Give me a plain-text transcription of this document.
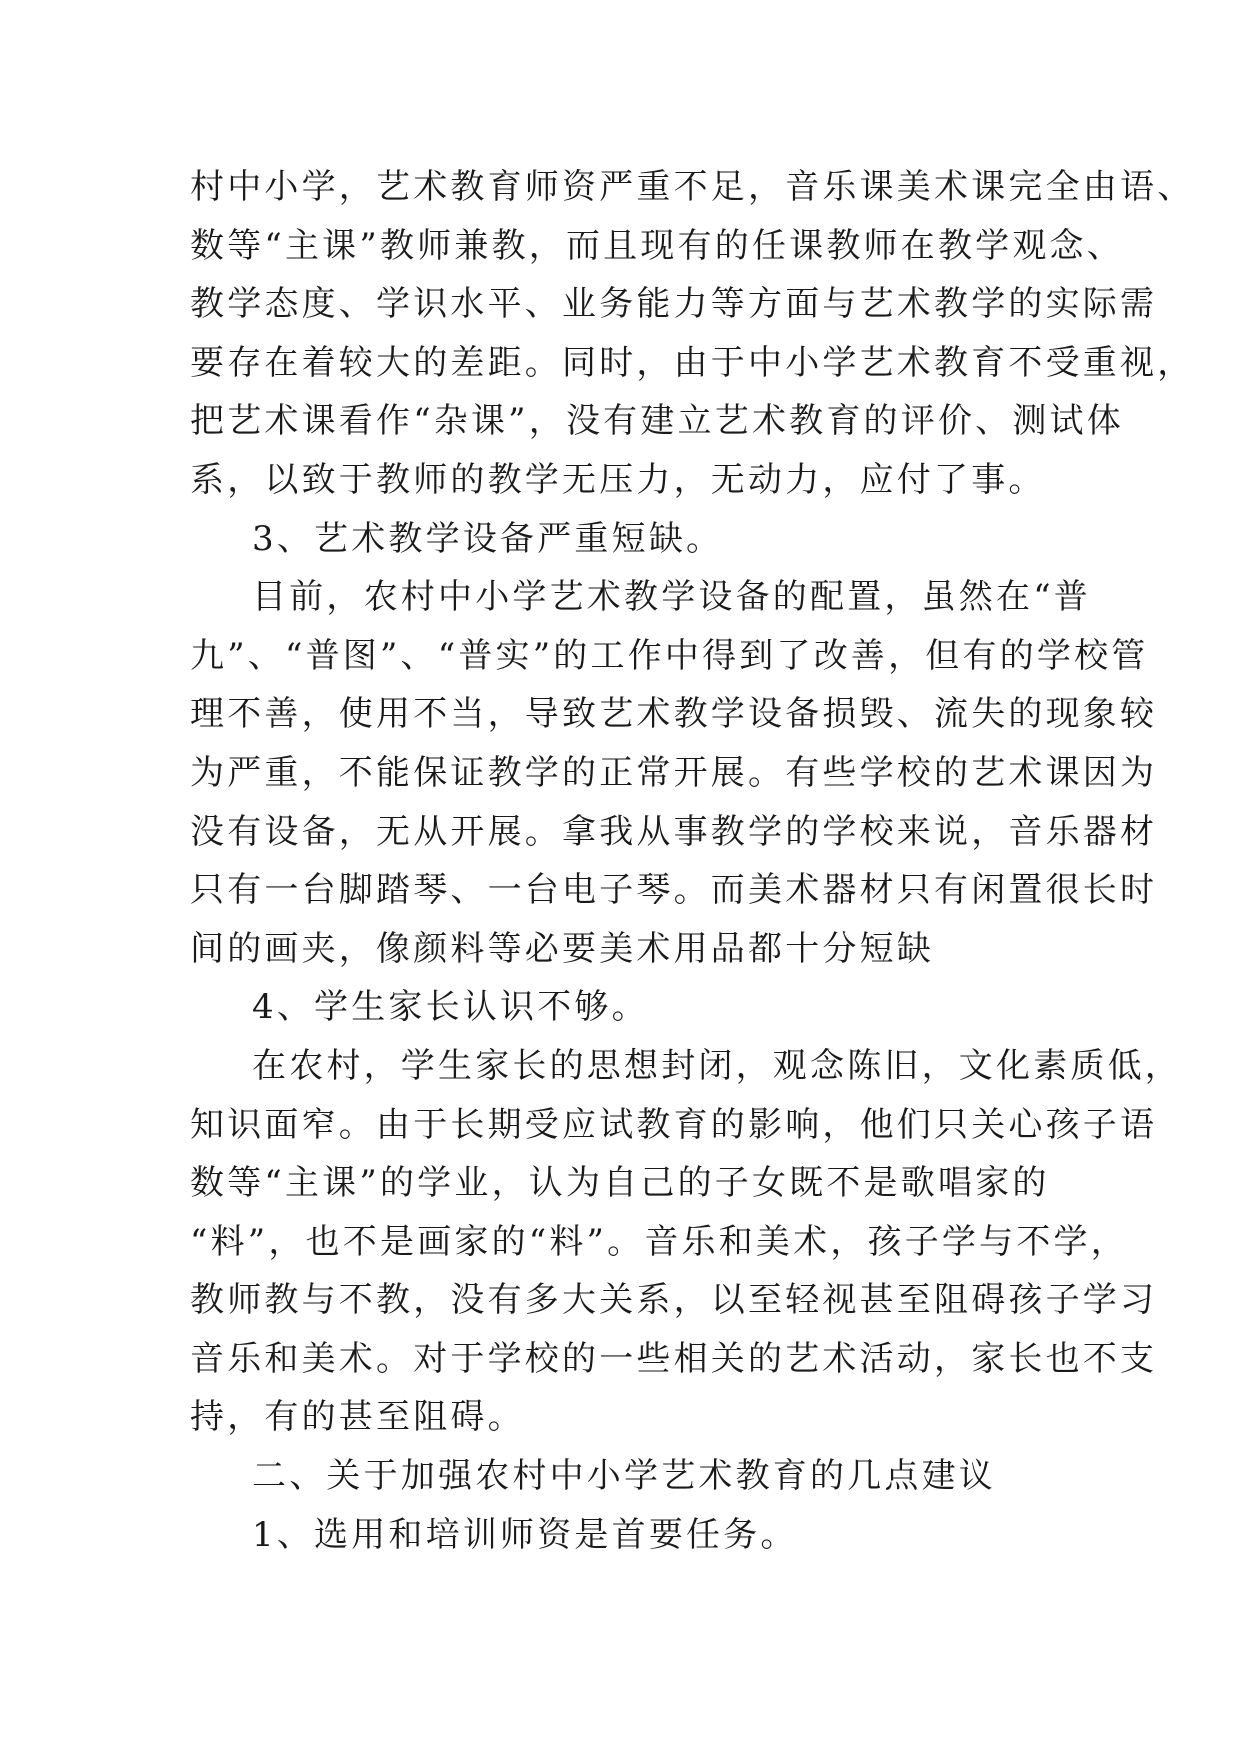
村中小学，艺术教育师资严重不足，音乐课美术课完全由语、
数等“主课”教师兼教，而且现有的任课教师在教学观念、
教学态度、学识水平、业务能力等方面与艺术教学的实际需
要存在着较大的差距。同时，由于中小学艺术教育不受重视，
把艺术课看作“杂课”，没有建立艺术教育的评价、测试体
系，以致于教师的教学无压力，无动力，应付了事。
3、艺术教学设备严重短缺。
目前，农村中小学艺术教学设备的配置，虽然在“普
九”、“普图”、“普实”的工作中得到了改善，但有的学校管
理不善，使用不当，导致艺术教学设备损毁、流失的现象较
为严重，不能保证教学的正常开展。有些学校的艺术课因为
没有设备，无从开展。拿我从事教学的学校来说，音乐器材
只有一台脚踏琴、一台电子琴。而美术器材只有闲置很长时
间的画夹，像颜料等必要美术用品都十分短缺
4、学生家长认识不够。
在农村，学生家长的思想封闭，观念陈旧，文化素质低，
知识面窄。由于长期受应试教育的影响，他们只关心孩子语
数等“主课”的学业，认为自己的子女既不是歌唱家的
“料”，也不是画家的“料”。音乐和美术，孩子学与不学，
教师教与不教，没有多大关系，以至轻视甚至阻碍孩子学习
音乐和美术。对于学校的一些相关的艺术活动，家长也不支
持，有的甚至阻碍。
二、关于加强农村中小学艺术教育的几点建议
1、选用和培训师资是首要任务。
